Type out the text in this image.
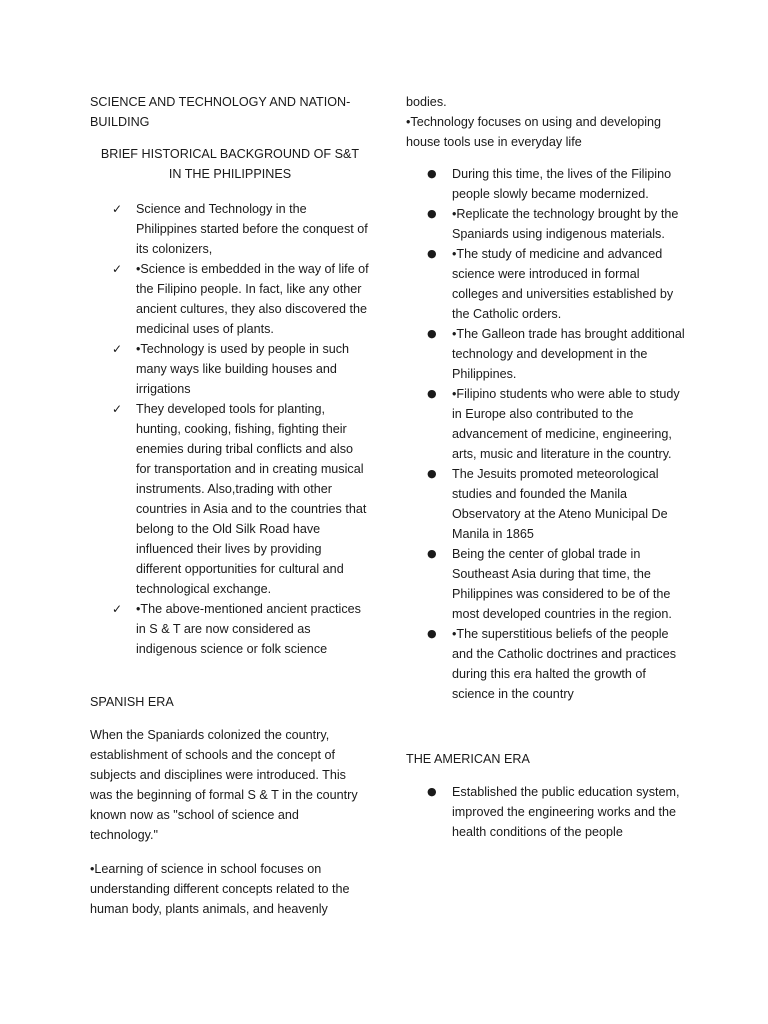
SCIENCE AND TECHNOLOGY AND NATION-BUILDING

BRIEF HISTORICAL BACKGROUND OF S&T
IN THE PHILIPPINES
✓ Science and Technology in the Philippines started before the conquest of its colonizers,
✓ •Science is embedded in the way of life of the Filipino people. In fact, like any other ancient cultures, they also discovered the medicinal uses of plants.
✓ •Technology is used by people in such many ways like building houses and irrigations
✓ They developed tools for planting, hunting, cooking, fishing, fighting their enemies during tribal conflicts and also for transportation and in creating musical instruments. Also,trading with other countries in Asia and to the countries that belong to the Old Silk Road have influenced their lives by providing different opportunities for cultural and technological exchange.
✓ •The above-mentioned ancient practices in S & T are now considered as indigenous science or folk science

SPANISH ERA

When the Spaniards colonized the country, establishment of schools and the concept of subjects and disciplines were introduced. This was the beginning of formal S & T in the country known now as "school of science and technology."

•Learning of science in school focuses on understanding different concepts related to the human body, plants animals, and heavenly

bodies.

•Technology focuses on using and developing house tools use in everyday life

● During this time, the lives of the Filipino people slowly became modernized.
● •Replicate the technology brought by the Spaniards using indigenous materials.
● •The study of medicine and advanced science were introduced in formal colleges and universities established by the Catholic orders.
● •The Galleon trade has brought additional technology and development in the Philippines.
● •Filipino students who were able to study in Europe also contributed to the advancement of medicine, engineering, arts, music and literature in the country.
● The Jesuits promoted meteorological studies and founded the Manila Observatory at the Ateno Municipal De Manila in 1865
● Being the center of global trade in Southeast Asia during that time, the Philippines was considered to be of the most developed countries in the region.
● •The superstitious beliefs of the people and the Catholic doctrines and practices during this era halted the growth of science in the country

THE AMERICAN ERA

● Established the public education system, improved the engineering works and the health conditions of the people
